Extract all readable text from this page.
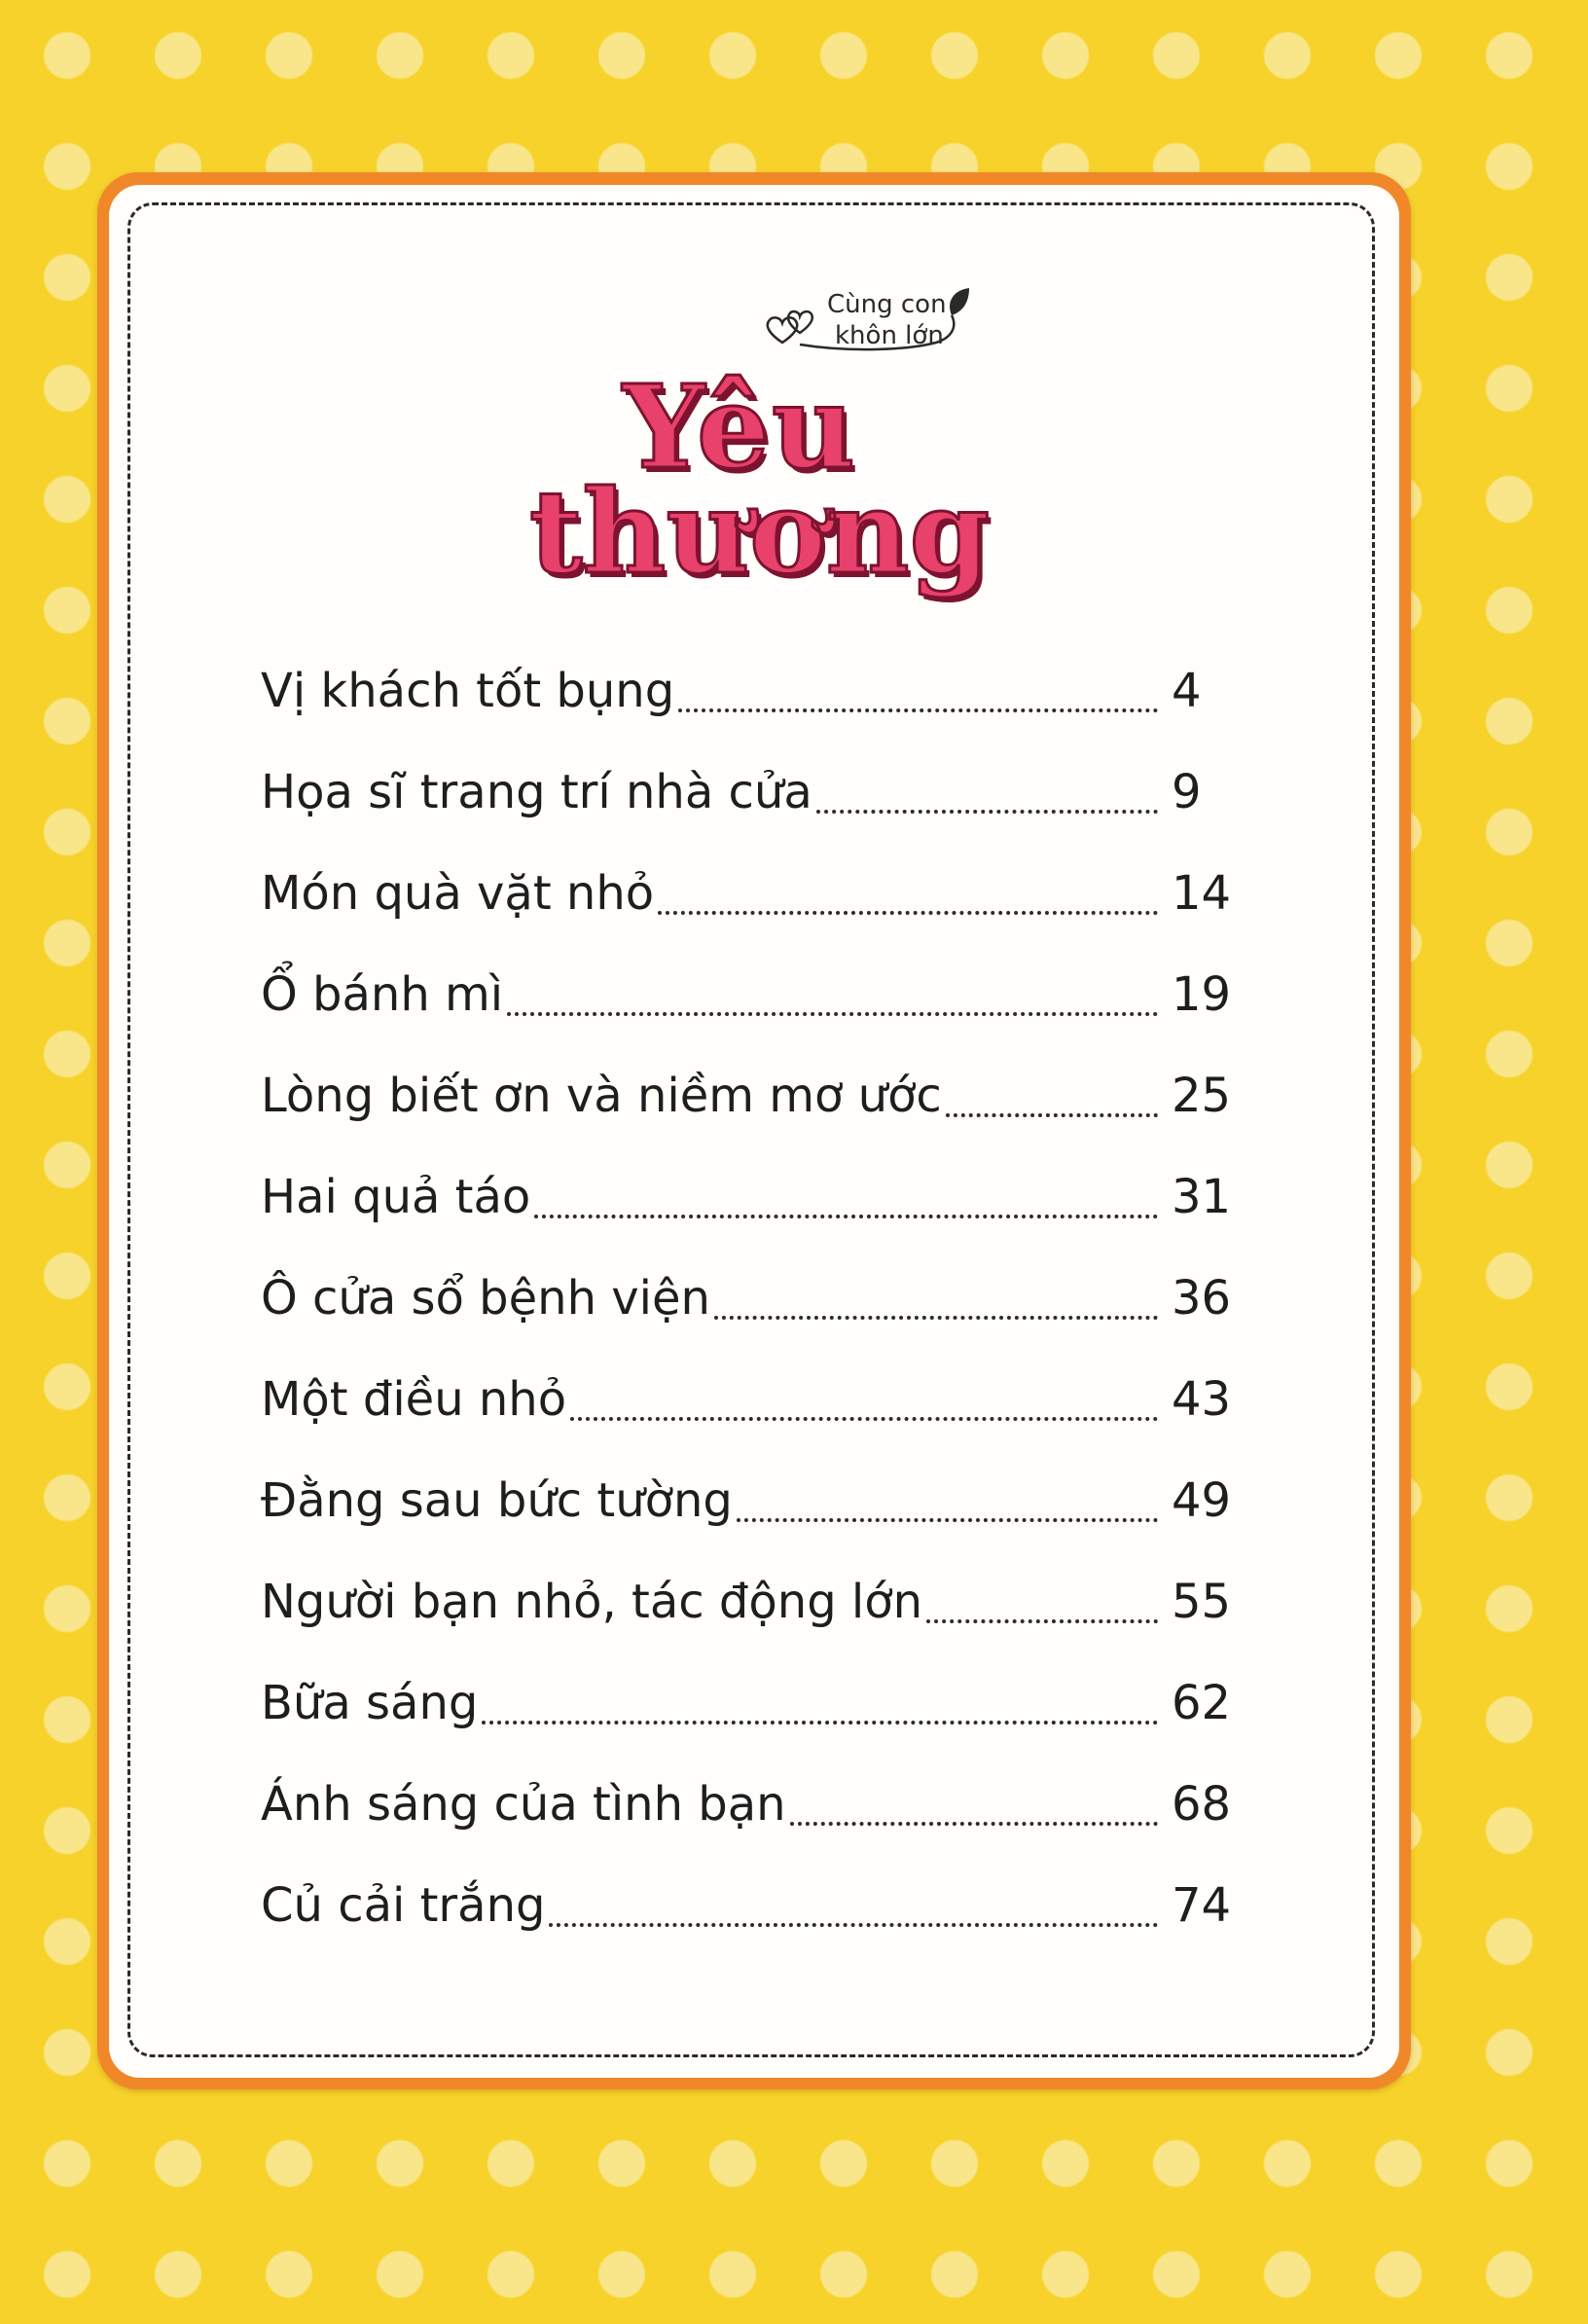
Cùng con
khôn lớn
Yêu
thương
Vị khách tốt bụng	4
Họa sĩ trang trí nhà cửa	9
Món quà vặt nhỏ	14
Ổ bánh mì	19
Lòng biết ơn và niềm mơ ước	25
Hai quả táo	31
Ô cửa sổ bệnh viện	36
Một điều nhỏ	43
Đằng sau bức tường	49
Người bạn nhỏ, tác động lớn	55
Bữa sáng	62
Ánh sáng của tình bạn	68
Củ cải trắng	74
